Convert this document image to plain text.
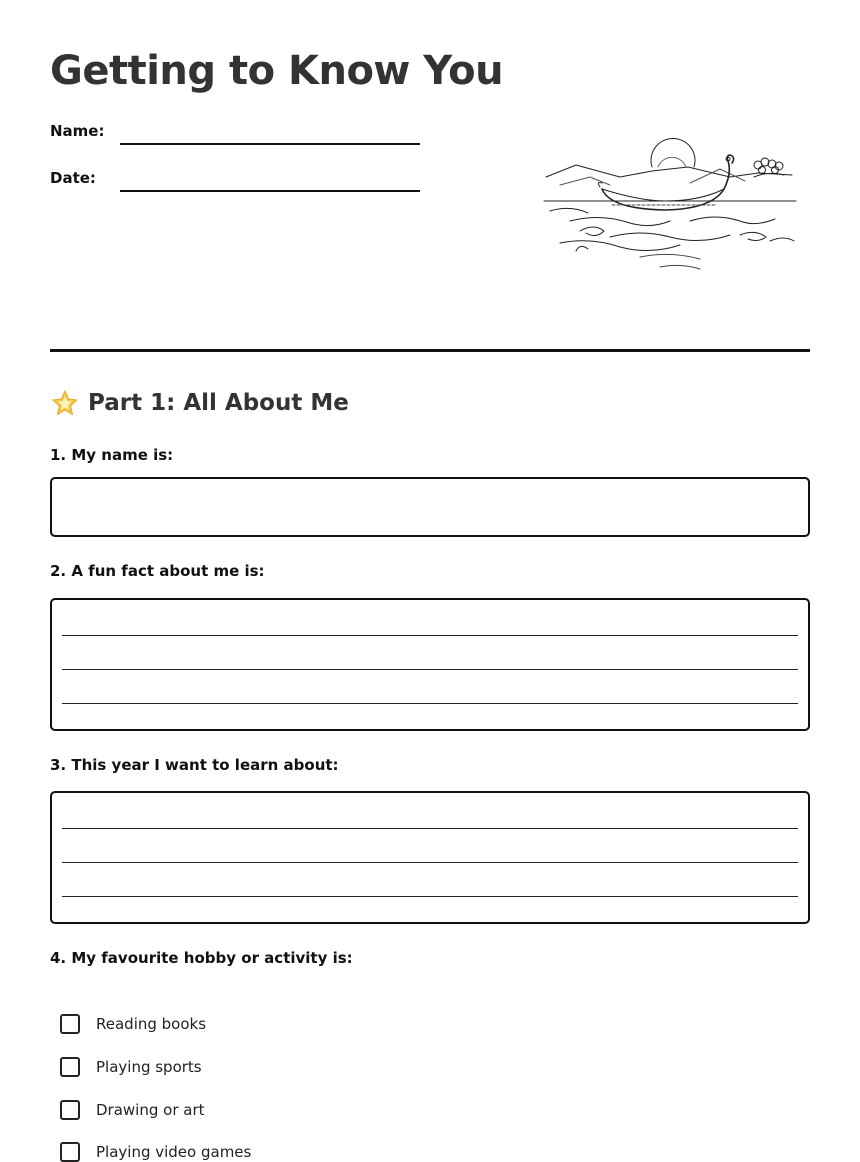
Getting to Know You
Name:
Date:
Part 1: All About Me
1. My name is:
2. A fun fact about me is:
3. This year I want to learn about:
4. My favourite hobby or activity is:
Reading books
Playing sports
Drawing or art
Playing video games
